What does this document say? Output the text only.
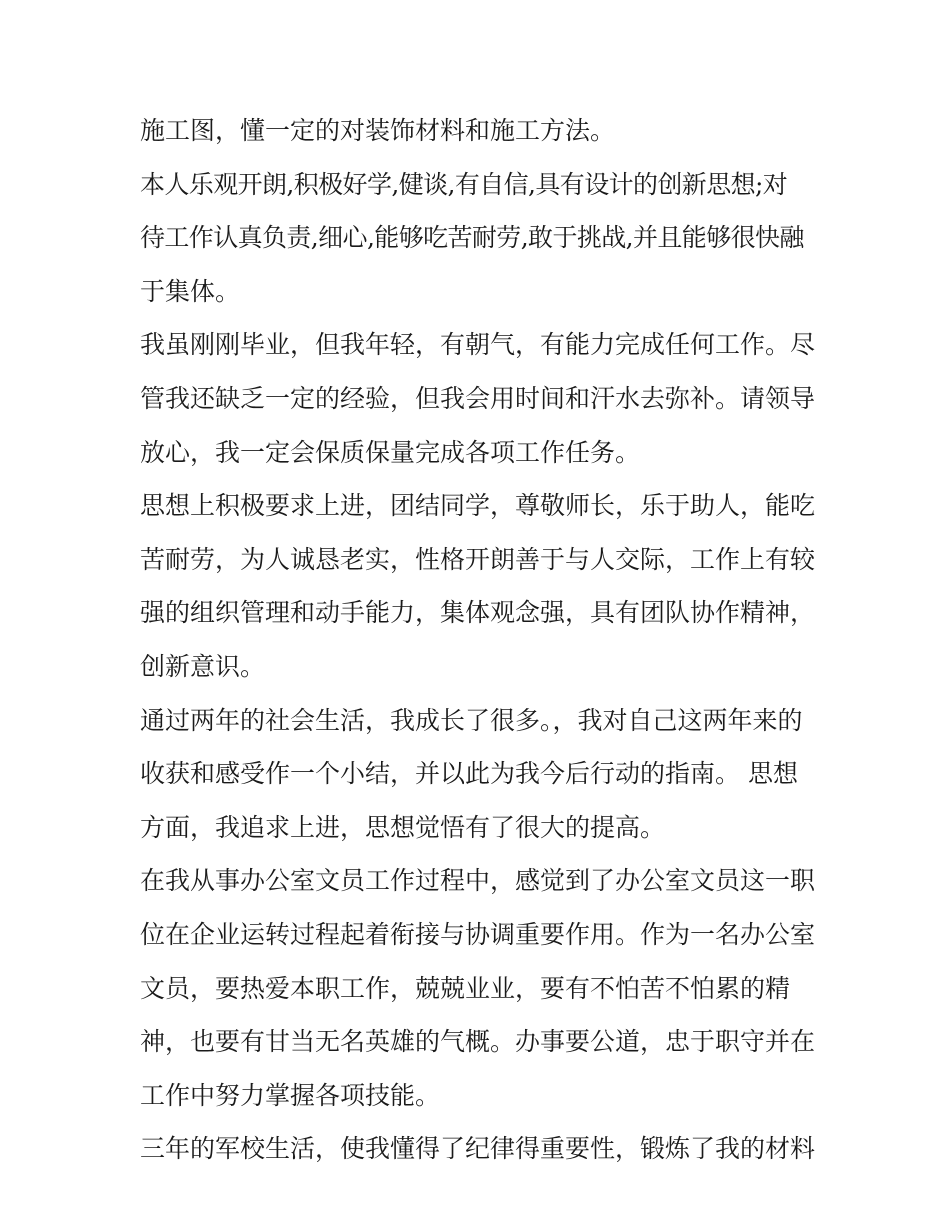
施工图，懂一定的对装饰材料和施工方法。
本人乐观开朗,积极好学,健谈,有自信,具有设计的创新思想;对
待工作认真负责,细心,能够吃苦耐劳,敢于挑战,并且能够很快融
于集体。
我虽刚刚毕业，但我年轻，有朝气，有能力完成任何工作。尽
管我还缺乏一定的经验，但我会用时间和汗水去弥补。请领导
放心，我一定会保质保量完成各项工作任务。
思想上积极要求上进，团结同学，尊敬师长，乐于助人，能吃
苦耐劳，为人诚恳老实，性格开朗善于与人交际，工作上有较
强的组织管理和动手能力，集体观念强，具有团队协作精神，
创新意识。
通过两年的社会生活，我成长了很多。，我对自己这两年来的
收获和感受作一个小结，并以此为我今后行动的指南。 思想
方面，我追求上进，思想觉悟有了很大的提高。
在我从事办公室文员工作过程中，感觉到了办公室文员这一职
位在企业运转过程起着衔接与协调重要作用。作为一名办公室
文员，要热爱本职工作，兢兢业业，要有不怕苦不怕累的精
神，也要有甘当无名英雄的气概。办事要公道，忠于职守并在
工作中努力掌握各项技能。
三年的军校生活，使我懂得了纪律得重要性，锻炼了我的材料
